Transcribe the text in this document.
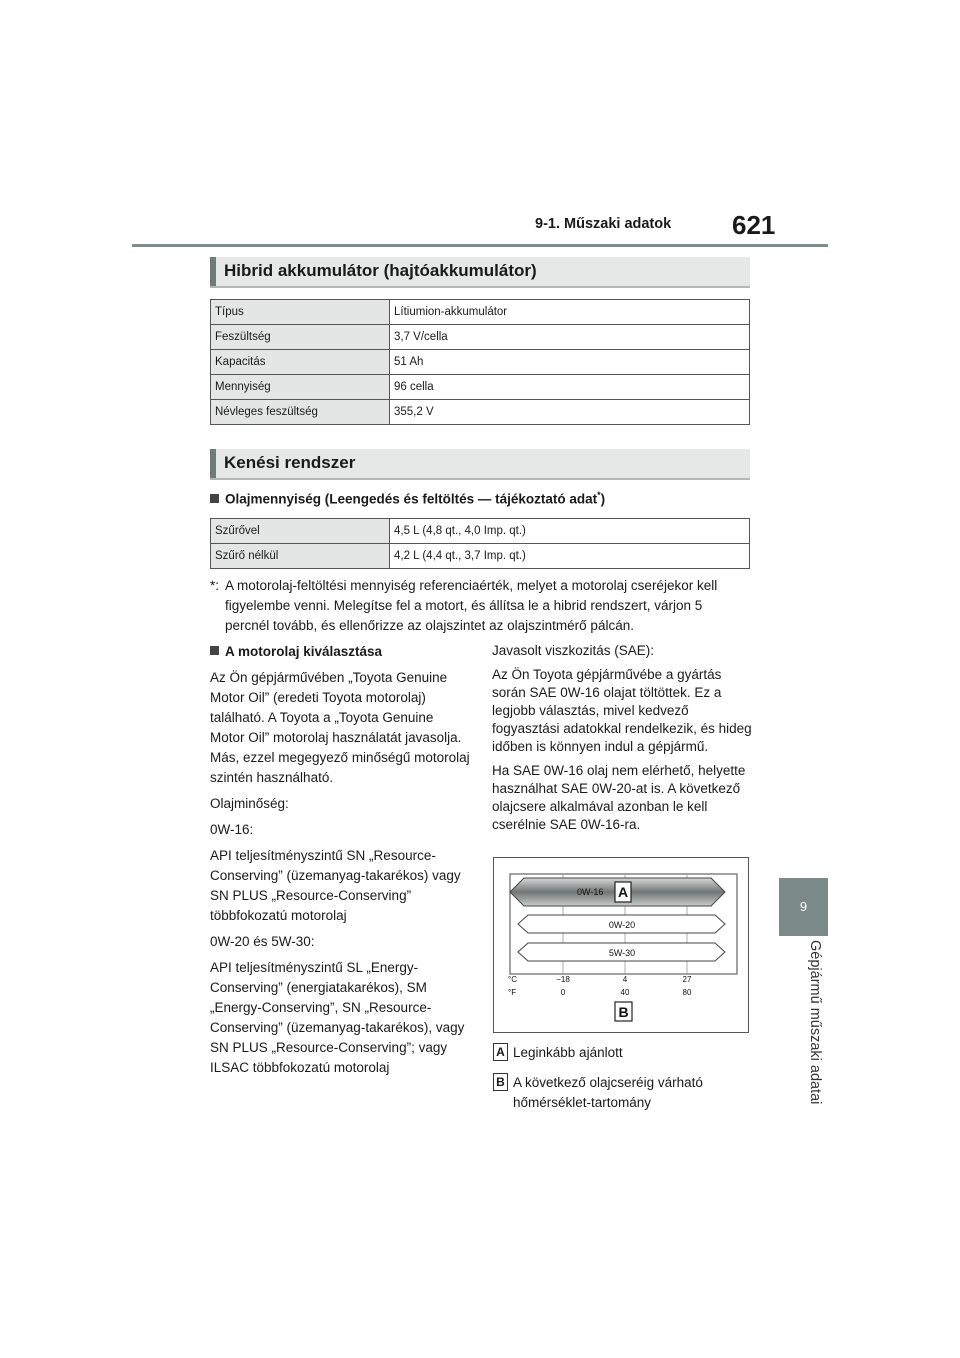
9-1. Műszaki adatok	621
9
Gépjármű műszaki adatai
Hibrid akkumulátor (hajtóakkumulátor)
Típus	Lítiumion-akkumulátor
Feszültség	3,7 V/cella
Kapacitás	51 Ah
Mennyiség	96 cella
Névleges feszültség	355,2 V
Kenési rendszer
Olajmennyiség (Leengedés és feltöltés — tájékoztató adat*)
Szűrővel	4,5 L (4,8 qt., 4,0 Imp. qt.)
Szűrő nélkül	4,2 L (4,4 qt., 3,7 Imp. qt.)
*: A motorolaj-feltöltési mennyiség referenciaérték, melyet a motorolaj cseréjekor kell figyelembe venni. Melegítse fel a motort, és állítsa le a hibrid rendszert, várjon 5 percnél tovább, és ellenőrizze az olajszintet az olajszintmérő pálcán.

A motorolaj kiválasztása

Az Ön gépjárművében „Toyota Genuine Motor Oil” (eredeti Toyota motorolaj) található. A Toyota a „Toyota Genuine Motor Oil” motorolaj használatát javasolja. Más, ezzel megegyező minőségű motorolaj szintén használható.

Olajminőség:

0W-16:

API teljesítményszintű SN „Resource-Conserving” (üzemanyag-takarékos) vagy SN PLUS „Resource-Conserving” többfokozatú motorolaj

0W-20 és 5W-30:

API teljesítményszintű SL „Energy-Conserving” (energiatakarékos), SM „Energy-Conserving”, SN „Resource-Conserving” (üzemanyag-takarékos), vagy SN PLUS „Resource-Conserving”; vagy ILSAC többfokozatú motorolaj

Javasolt viszkozitás (SAE):

Az Ön Toyota gépjárművébe a gyártás során SAE 0W-16 olajat töltöttek. Ez a legjobb választás, mivel kedvező fogyasztási adatokkal rendelkezik, és hideg időben is könnyen indul a gépjármű.

Ha SAE 0W-16 olaj nem elérhető, helyette használhat SAE 0W-20-at is. A következő olajcsere alkalmával azonban le kell cserélnie SAE 0W-16-ra.

0W-16 A
0W-20
5W-30
°C
°F
−18	4	27
0	40	80
B
A Leginkább ajánlott
B A következő olajcseréig várható hőmérséklet-tartomány
